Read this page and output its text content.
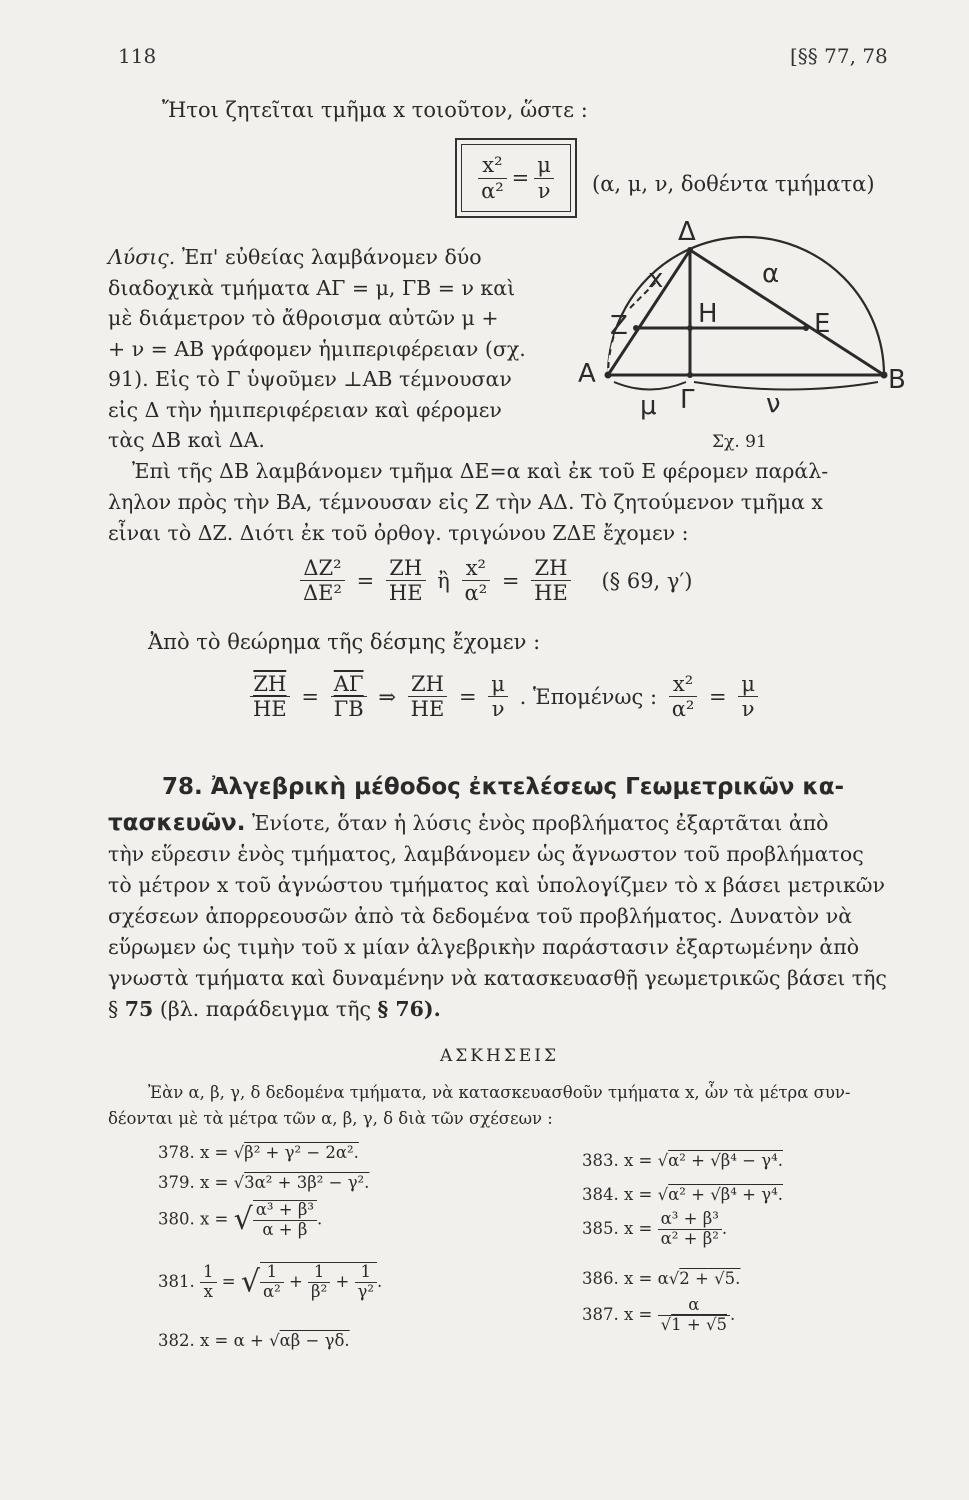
118	[§§ 77, 78
Ἤτοι ζητεῖται τμῆμα x τοιοῦτον, ὥστε :
$\frac{\text{x²}}{\text{α²}} = \frac{\mu}{\nu} (\alpha$, μ, ν, δοθέντα τμήματα)

Λύσις. Ἐπ' εὐθείας λαμβάνομεν δύο

διαδοχικὰ τμήματα ΑΓ = μ, ΓΒ = ν καὶ

μὲ διάμετρον τὸ ἄθροισμα αὐτῶν μ +

+ ν = ΑΒ γράφομεν ἡμιπεριφέρειαν (σχ.

91). Εἰς τὸ Γ ὑψοῦμεν ⊥ΑΒ τέμνουσαν

εἰς Δ τὴν ἡμιπεριφέρειαν καὶ φέρομεν

τὰς ΔΒ καὶ ΔΑ.

Δ
α
x
Ζ	Η	Ε
Α	Β
Γ
μ	ν
Σχ. 91

Ἐπὶ τῆς ΔΒ λαμβάνομεν τμῆμα ΔΕ=α καὶ ἐκ τοῦ Ε φέρομεν παράλ-

ληλον πρὸς τὴν ΒΑ, τέμνουσαν εἰς Ζ τὴν ΑΔ. Τὸ ζητούμενον τμῆμα x

εἶναι τὸ ΔΖ. Διότι ἐκ τοῦ ὀρθογ. τριγώνου ΖΔΕ ἔχομεν :

$\frac{\text{ΔΖ²}}{\text{ΔΕ²}} = \frac{ZH}{HE}$ ἢ $\frac{\text{x²}}{\text{α²}} = \frac{ZH}{HE}$ (§ 69, γ′)
Ἀπὸ τὸ θεώρημα τῆς δέσμης ἔχομεν :
$\frac{\overline{ZH}}{HE} = \frac{\overline{A\Gamma}}{\Gamma B}$ ⇒ $\frac{ZH}{HE} = \frac{\mu}{\nu}$ . Ἑπομένως : $\frac{\text{x²}}{\text{α²}} = \frac{\mu}{\nu}$
78. Ἀλγεβρικὴ μέθοδος ἐκτελέσεως Γεωμετρικῶν κα-

τασκευῶν. Ἐνίοτε, ὅταν ἡ λύσις ἑνὸς προβλήματος ἐξαρτᾶται ἀπὸ

τὴν εὕρεσιν ἑνὸς τμήματος, λαμβάνομεν ὡς ἄγνωστον τοῦ προβλήματος

τὸ μέτρον x τοῦ ἀγνώστου τμήματος καὶ ὑπολογίζμεν τὸ x βάσει μετρικῶν

σχέσεων ἀπορρεουσῶν ἀπὸ τὰ δεδομένα τοῦ προβλήματος. Δυνατὸν νὰ

εὕρωμεν ὡς τιμὴν τοῦ x μίαν ἀλγεβρικὴν παράστασιν ἐξαρτωμένην ἀπὸ

γνωστὰ τμήματα καὶ δυναμένην νὰ κατασκευασθῇ γεωμετρικῶς βάσει τῆς

§ 75 (βλ. παράδειγμα τῆς § 76).

ΑΣΚΗΣΕΙΣ
Ἐὰν α, β, γ, δ δεδομένα τμήματα, νὰ κατασκευασθοῦν τμήματα x, ὧν τὰ μέτρα συν-
δέονται μὲ τὰ μέτρα τῶν α, β, γ, δ διὰ τῶν σχέσεων :
378. x = √β² + γ² − 2α².
379. x = √3α² + 3β² − γ².
380. x = √ $\frac{\text{α³ + β³}}{\alpha + \beta}$ .
381. $\frac{1}{x}$ = √ $\frac{1}{\text{α²}} + \frac{1}{\text{β²}} + \frac{1}{\text{γ²}}$ .
382. x = α + √αβ − γδ.
383. x = √α² + √β⁴ − γ⁴.
384. x = √α² + √β⁴ + γ⁴.
385. $x = \frac{\text{α³ + β³}}{\text{α² + β²}}$ .
386. x = α√2 + √5.
387. $x = \frac{\alpha}{√1 + √5}$ .
